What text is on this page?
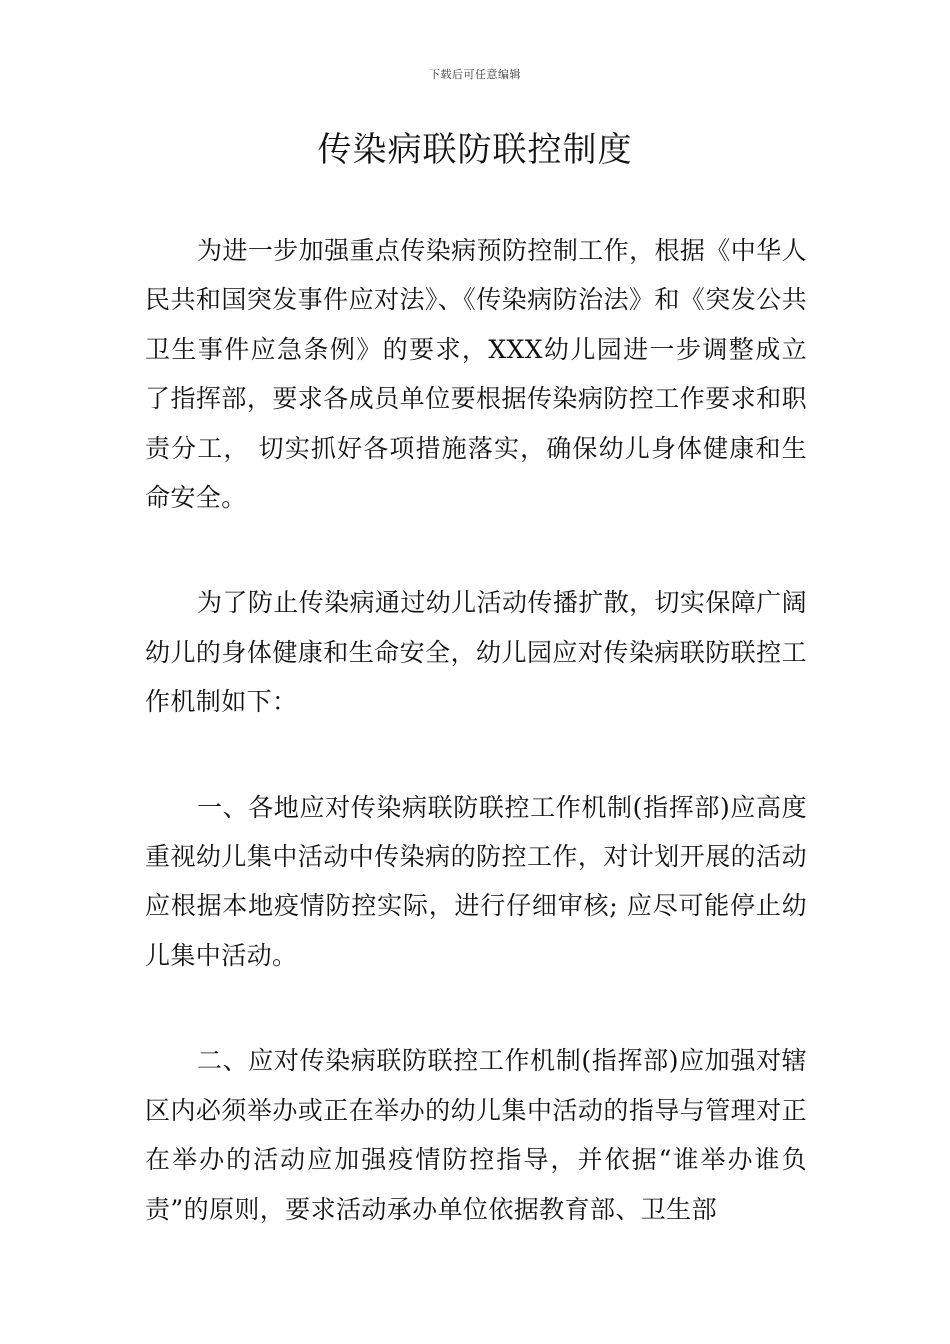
下载后可任意编辑
传染病联防联控制度

为进一步加强重点传染病预防控制工作，根据《中华人民共和国突发事件应对法》、《传染病防治法》和《突发公共卫生事件应急条例》的要求，XXX幼儿园进一步调整成立了指挥部，要求各成员单位要根据传染病防控工作要求和职责分工， 切实抓好各项措施落实，确保幼儿身体健康和生命安全。

为了防止传染病通过幼儿活动传播扩散，切实保障广阔幼儿的身体健康和生命安全，幼儿园应对传染病联防联控工作机制如下：

一、各地应对传染病联防联控工作机制(指挥部)应高度重视幼儿集中活动中传染病的防控工作，对计划开展的活动应根据本地疫情防控实际，进行仔细审核; 应尽可能停止幼儿集中活动。

二、应对传染病联防联控工作机制(指挥部)应加强对辖区内必须举办或正在举办的幼儿集中活动的指导与管理对正在举办的活动应加强疫情防控指导，并依据“谁举办谁负责”的原则，要求活动承办单位依据教育部、卫生部
